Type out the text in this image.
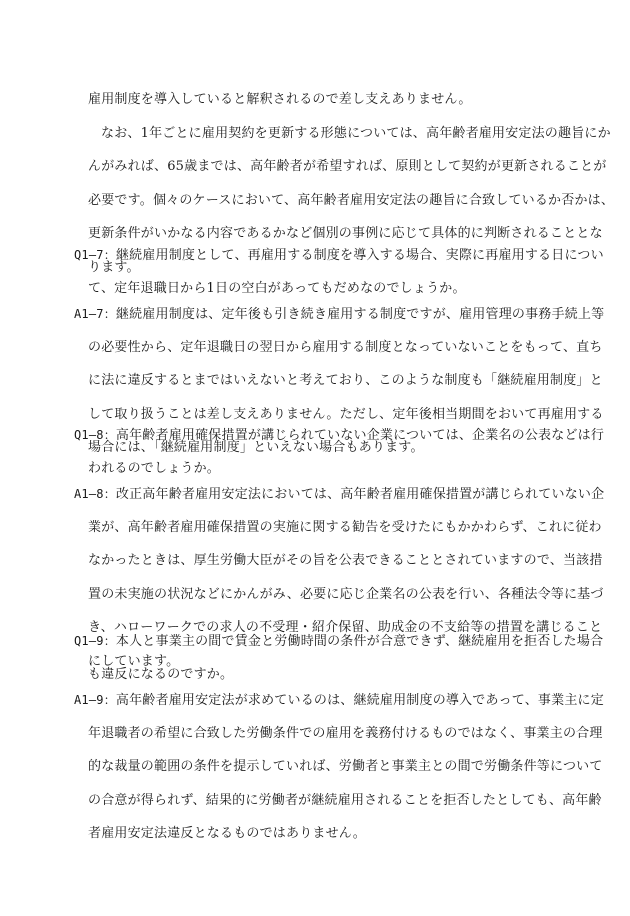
雇用制度を導入していると解釈されるので差し支えありません。
なお、1年ごとに雇用契約を更新する形態については、高年齢者雇用安定法の趣旨にか
んがみれば、65歳までは、高年齢者が希望すれば、原則として契約が更新されることが
必要です。個々のケースにおいて、高年齢者雇用安定法の趣旨に合致しているか否かは、
更新条件がいかなる内容であるかなど個別の事例に応じて具体的に判断されることとな
ります。
Q1—7：継続雇用制度として、再雇用する制度を導入する場合、実際に再雇用する日につい
て、定年退職日から1日の空白があってもだめなのでしょうか。
A1—7：継続雇用制度は、定年後も引き続き雇用する制度ですが、雇用管理の事務手続上等
の必要性から、定年退職日の翌日から雇用する制度となっていないことをもって、直ち
に法に違反するとまではいえないと考えており、このような制度も「継続雇用制度」と
して取り扱うことは差し支えありません。ただし、定年後相当期間をおいて再雇用する
場合には、「継続雇用制度」といえない場合もあります。
Q1—8：高年齢者雇用確保措置が講じられていない企業については、企業名の公表などは行
われるのでしょうか。
A1—8：改正高年齢者雇用安定法においては、高年齢者雇用確保措置が講じられていない企
業が、高年齢者雇用確保措置の実施に関する勧告を受けたにもかかわらず、これに従わ
なかったときは、厚生労働大臣がその旨を公表できることとされていますので、当該措
置の未実施の状況などにかんがみ、必要に応じ企業名の公表を行い、各種法令等に基づ
き、ハローワークでの求人の不受理・紹介保留、助成金の不支給等の措置を講じること
にしています。
Q1—9：本人と事業主の間で賃金と労働時間の条件が合意できず、継続雇用を拒否した場合
も違反になるのですか。
A1—9：高年齢者雇用安定法が求めているのは、継続雇用制度の導入であって、事業主に定
年退職者の希望に合致した労働条件での雇用を義務付けるものではなく、事業主の合理
的な裁量の範囲の条件を提示していれば、労働者と事業主との間で労働条件等について
の合意が得られず、結果的に労働者が継続雇用されることを拒否したとしても、高年齢
者雇用安定法違反となるものではありません。
